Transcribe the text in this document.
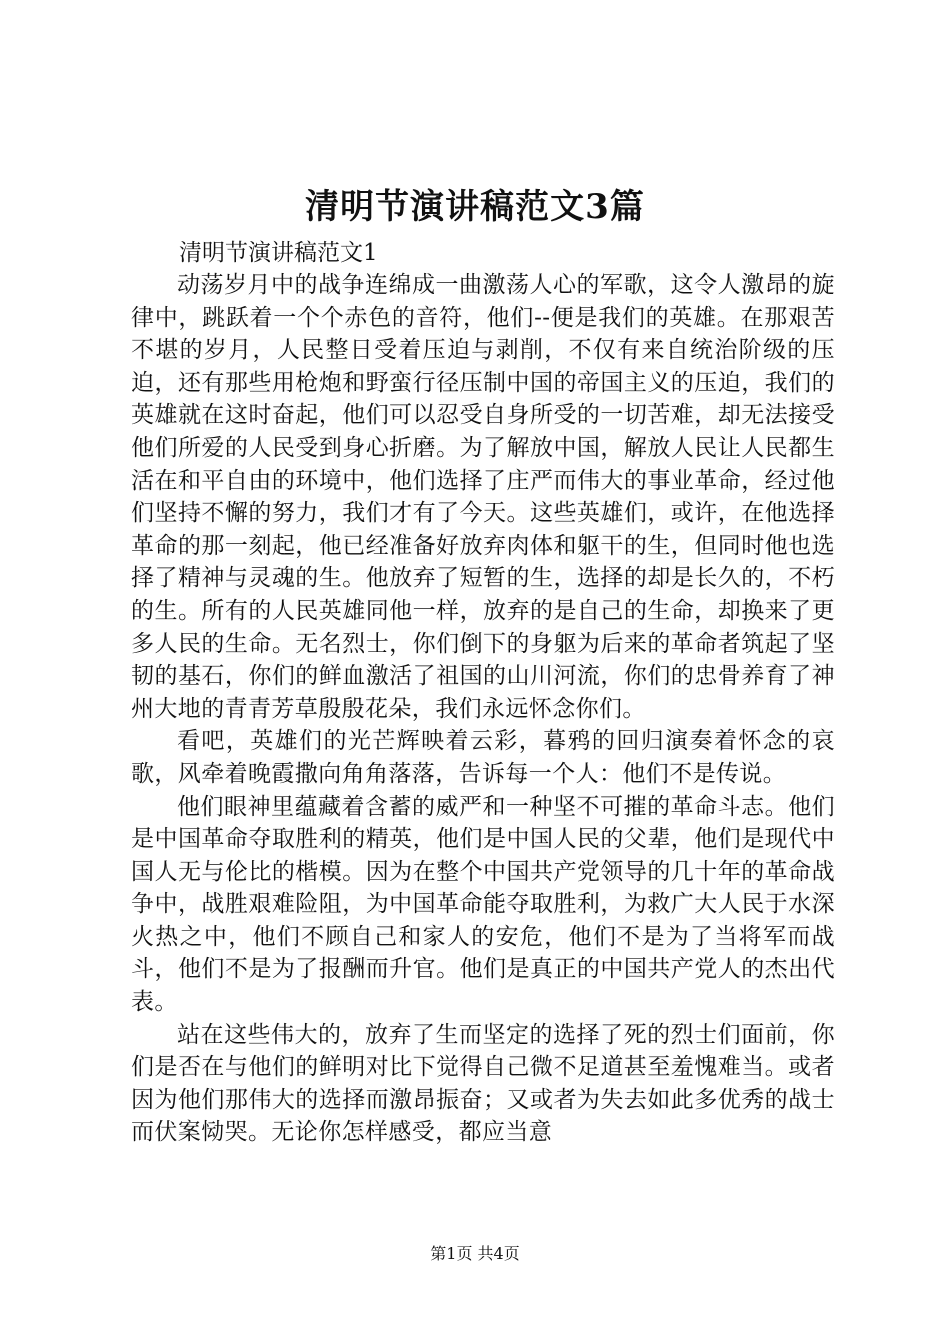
清明节演讲稿范文3篇

清明节演讲稿范文1

动荡岁月中的战争连绵成一曲激荡人心的军歌，这令人激昂的旋律中，跳跃着一个个赤色的音符，他们--便是我们的英雄。在那艰苦不堪的岁月，人民整日受着压迫与剥削，不仅有来自统治阶级的压迫，还有那些用枪炮和野蛮行径压制中国的帝国主义的压迫，我们的英雄就在这时奋起，他们可以忍受自身所受的一切苦难，却无法接受他们所爱的人民受到身心折磨。为了解放中国，解放人民让人民都生活在和平自由的环境中，他们选择了庄严而伟大的事业革命，经过他们坚持不懈的努力，我们才有了今天。这些英雄们，或许，在他选择革命的那一刻起，他已经准备好放弃肉体和躯干的生，但同时他也选择了精神与灵魂的生。他放弃了短暂的生，选择的却是长久的，不朽的生。所有的人民英雄同他一样，放弃的是自己的生命，却换来了更多人民的生命。无名烈士，你们倒下的身躯为后来的革命者筑起了坚韧的基石，你们的鲜血激活了祖国的山川河流，你们的忠骨养育了神州大地的青青芳草殷殷花朵，我们永远怀念你们。

看吧，英雄们的光芒辉映着云彩，暮鸦的回归演奏着怀念的哀歌，风牵着晚霞撒向角角落落，告诉每一个人：他们不是传说。

他们眼神里蕴藏着含蓄的威严和一种坚不可摧的革命斗志。他们是中国革命夺取胜利的精英，他们是中国人民的父辈，他们是现代中国人无与伦比的楷模。因为在整个中国共产党领导的几十年的革命战争中，战胜艰难险阻，为中国革命能夺取胜利，为救广大人民于水深火热之中，他们不顾自己和家人的安危，他们不是为了当将军而战斗，他们不是为了报酬而升官。他们是真正的中国共产党人的杰出代表。

站在这些伟大的，放弃了生而坚定的选择了死的烈士们面前，你们是否在与他们的鲜明对比下觉得自己微不足道甚至羞愧难当。或者因为他们那伟大的选择而激昂振奋；又或者为失去如此多优秀的战士而伏案恸哭。无论你怎样感受，都应当意

第1页 共4页
